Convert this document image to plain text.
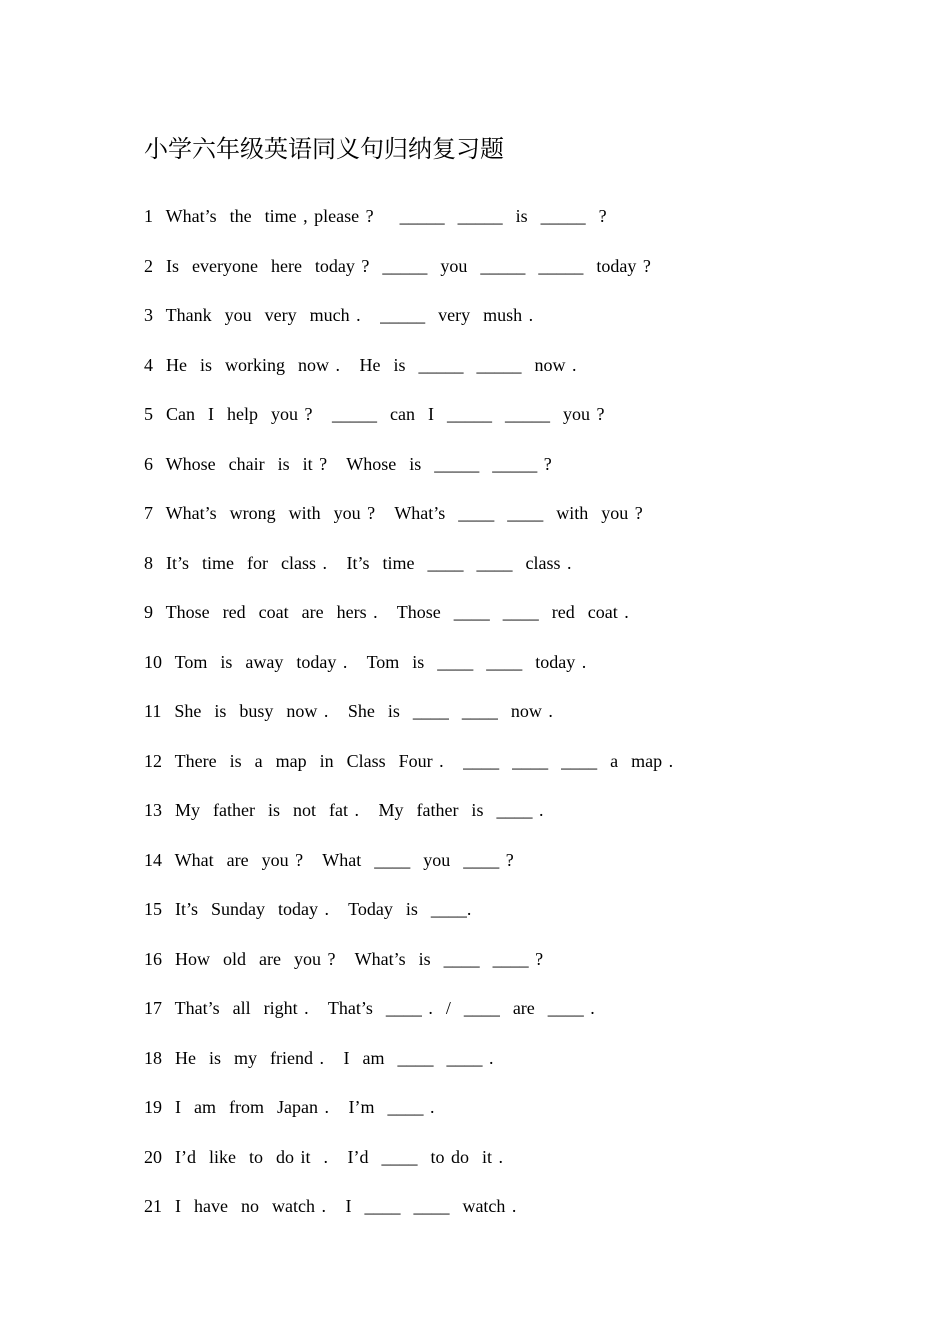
小学六年级英语同义句归纳复习题
1  What’s  the  time , please ?    _____  _____  is  _____  ?
2  Is  everyone  here  today ?  _____  you  _____  _____  today ?
3  Thank  you  very  much .   _____  very  mush .
4  He  is  working  now .   He  is  _____  _____  now .
5  Can  I  help  you ?   _____  can  I  _____  _____  you ?
6  Whose  chair  is  it ?   Whose  is  _____  _____ ?
7  What’s  wrong  with  you ?   What’s  ____  ____  with  you ?
8  It’s  time  for  class .   It’s  time  ____  ____  class .
9  Those  red  coat  are  hers .   Those  ____  ____  red  coat .
10  Tom  is  away  today .   Tom  is  ____  ____  today .
11  She  is  busy  now .   She  is  ____  ____  now .
12  There  is  a  map  in  Class  Four .   ____  ____  ____  a  map .
13  My  father  is  not  fat .   My  father  is  ____ .
14  What  are  you ?   What  ____  you  ____ ?
15  It’s  Sunday  today .   Today  is  ____.
16  How  old  are  you ?   What’s  is  ____  ____ ?
17  That’s  all  right .   That’s  ____ .  /  ____  are  ____ .
18  He  is  my  friend .   I  am  ____  ____ .
19  I  am  from  Japan .   I’m  ____ .
20  I’d  like  to  do it  .   I’d  ____  to do  it .
21  I  have  no  watch .   I  ____  ____  watch .
